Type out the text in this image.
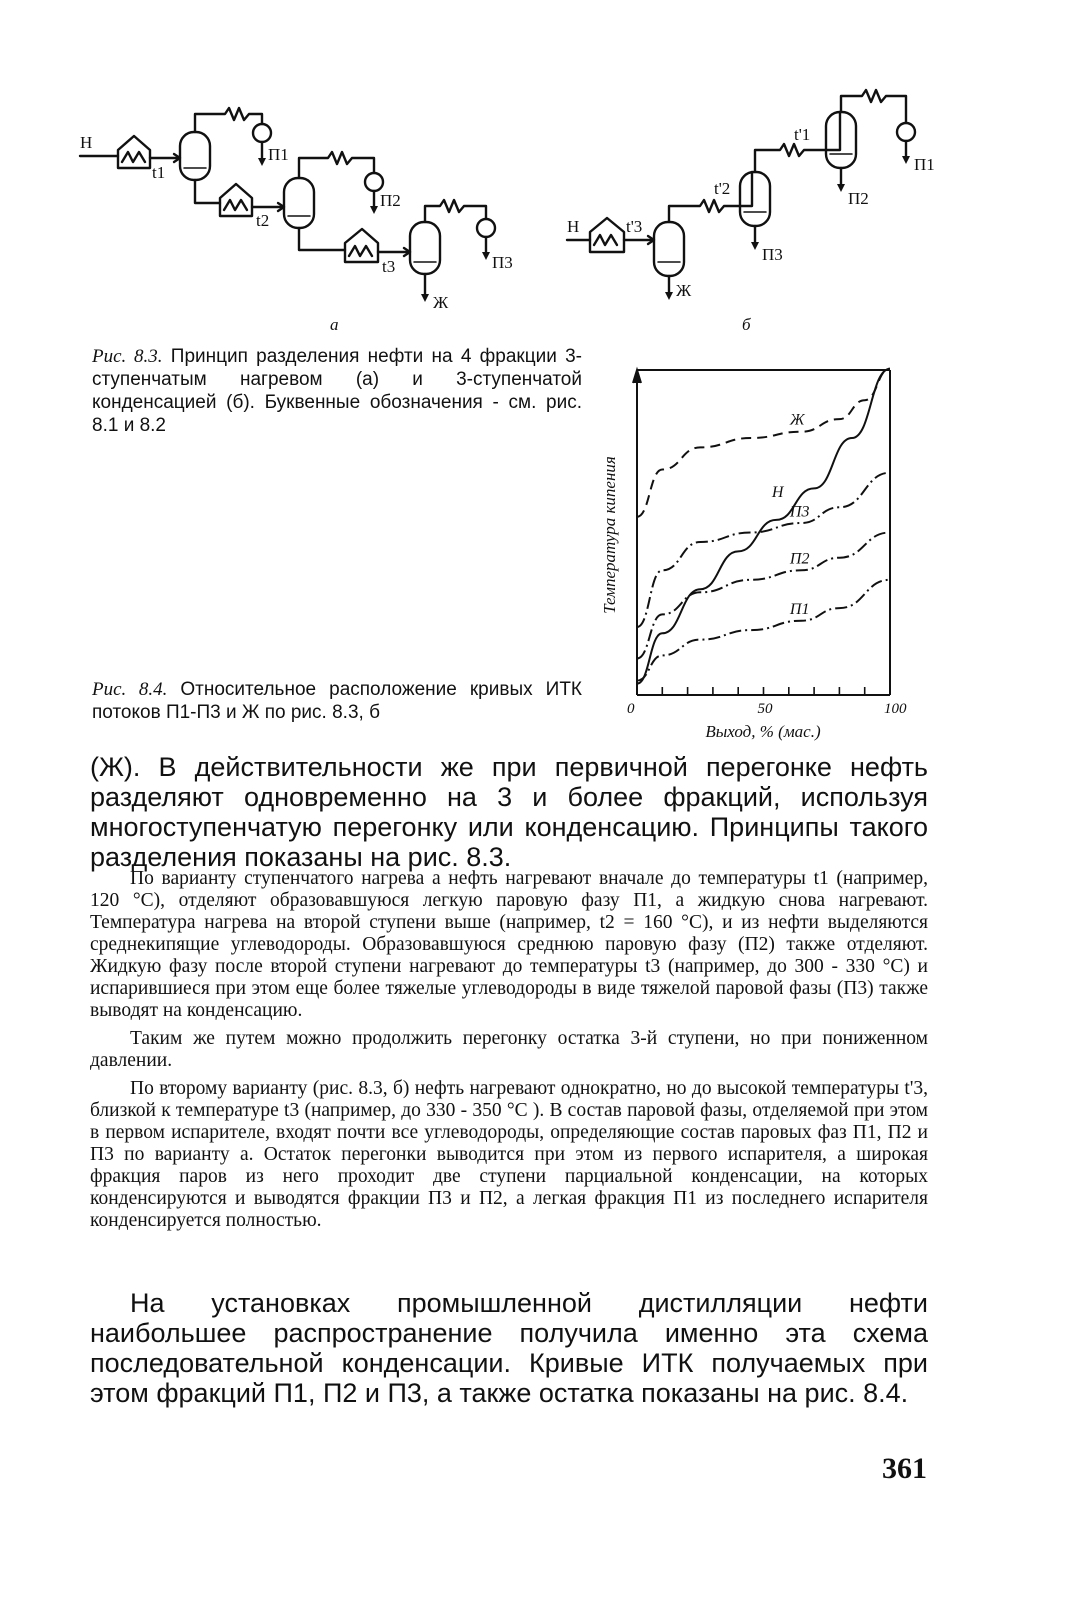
Н
t1
t2
t3
П1
П2
П3
Ж
а
Н	t'3
t'2
t'1
П1
П2
П3
Ж
б
Рис. 8.3. Принцип разделения нефти на 4 фракции 3-ступенчатым нагревом (а) и 3-ступенчатой конденсацией (б). Буквенные обозначения - см. рис. 8.1 и 8.2
0	50	100
Ж
Н
П3
П2
П1
Температура кипения
Выход, % (мас.)
Рис. 8.4. Относительное расположение кривых ИТК потоков П1-П3 и Ж по рис. 8.3, б
(Ж). В действительности же при первичной перегонке нефть разделяют одновременно на 3 и более фракций, используя многоступенчатую перегонку или конденсацию. Принципы такого разделения показаны на рис. 8.3.

По варианту ступенчатого нагрева а нефть нагревают вначале до температуры t1 (например, 120 °С), отделяют образовавшуюся легкую паровую фазу П1, а жидкую снова нагревают. Температура нагрева на второй ступени выше (например, t2 = 160 °С), и из нефти выделяются среднекипящие углеводороды. Образовавшуюся среднюю паровую фазу (П2) также отделяют. Жидкую фазу после второй ступени нагревают до температуры t3 (например, до 300 - 330 °С) и испарившиеся при этом еще более тяжелые углеводороды в виде тяжелой паровой фазы (П3) также выводят на конденсацию.

Таким же путем можно продолжить перегонку остатка 3-й ступени, но при пониженном давлении.

По второму варианту (рис. 8.3, б) нефть нагревают однократно, но до высокой температуры t'3, близкой к температуре t3 (например, до 330 - 350 °С ). В состав паровой фазы, отделяемой при этом в первом испарителе, входят почти все углеводороды, определяющие состав паровых фаз П1, П2 и П3 по варианту а. Остаток перегонки выводится при этом из первого испарителя, а широкая фракция паров из него проходит две ступени парциальной конденсации, на которых конденсируются и выводятся фракции П3 и П2, а легкая фракция П1 из последнего испарителя конденсируется полностью.

На установках промышленной дистилляции нефти наибольшее распространение получила именно эта схема последовательной конденсации. Кривые ИТК получаемых при этом фракций П1, П2 и П3, а также остатка показаны на рис. 8.4.
361
